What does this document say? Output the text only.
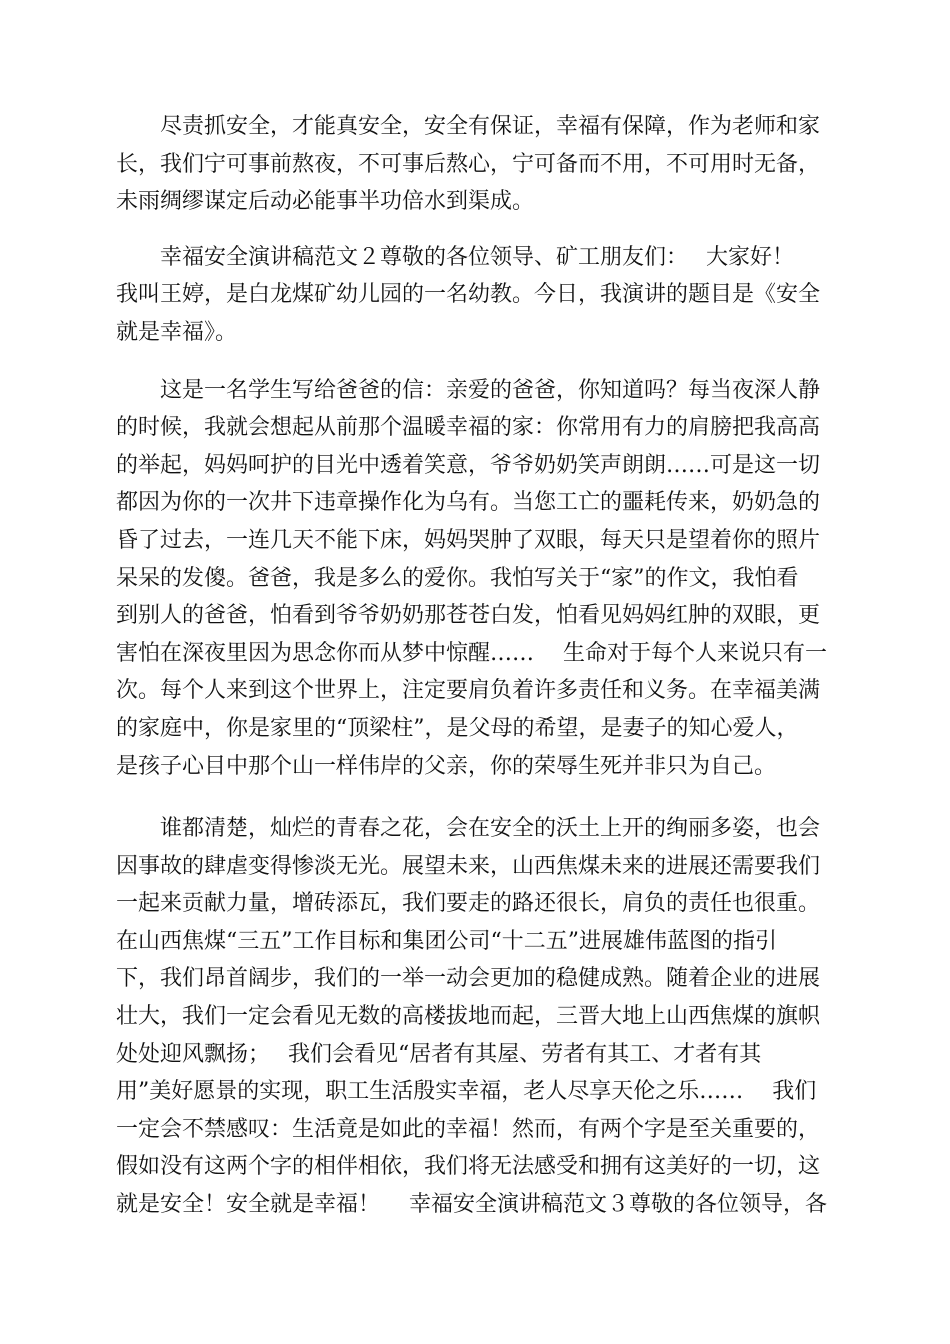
尽责抓安全，才能真安全，安全有保证，幸福有保障，作为老师和家
长，我们宁可事前熬夜，不可事后熬心，宁可备而不用，不可用时无备，
未雨绸缪谋定后动必能事半功倍水到渠成。

幸福安全演讲稿范文２尊敬的各位领导、矿工朋友们：　 大家好！
我叫王婷，是白龙煤矿幼儿园的一名幼教。今日，我演讲的题目是《安全
就是幸福》。

这是一名学生写给爸爸的信：亲爱的爸爸，你知道吗？每当夜深人静
的时候，我就会想起从前那个温暖幸福的家：你常用有力的肩膀把我高高
的举起，妈妈呵护的目光中透着笑意，爷爷奶奶笑声朗朗……可是这一切
都因为你的一次井下违章操作化为乌有。当您工亡的噩耗传来，奶奶急的
昏了过去，一连几天不能下床，妈妈哭肿了双眼，每天只是望着你的照片
呆呆的发傻。爸爸，我是多么的爱你。我怕写关于“家”的作文，我怕看
到别人的爸爸，怕看到爷爷奶奶那苍苍白发，怕看见妈妈红肿的双眼，更
害怕在深夜里因为思念你而从梦中惊醒……　 生命对于每个人来说只有一
次。每个人来到这个世界上，注定要肩负着许多责任和义务。在幸福美满
的家庭中，你是家里的“顶梁柱”，是父母的希望，是妻子的知心爱人，
是孩子心目中那个山一样伟岸的父亲，你的荣辱生死并非只为自己。

谁都清楚，灿烂的青春之花，会在安全的沃土上开的绚丽多姿，也会
因事故的肆虐变得惨淡无光。展望未来，山西焦煤未来的进展还需要我们
一起来贡献力量，增砖添瓦，我们要走的路还很长，肩负的责任也很重。
在山西焦煤“三五”工作目标和集团公司“十二五”进展雄伟蓝图的指引
下，我们昂首阔步，我们的一举一动会更加的稳健成熟。随着企业的进展
壮大，我们一定会看见无数的高楼拔地而起，三晋大地上山西焦煤的旗帜
处处迎风飘扬；　 我们会看见“居者有其屋、劳者有其工、才者有其
用”美好愿景的实现，职工生活殷实幸福，老人尽享天伦之乐……　 我们
一定会不禁感叹：生活竟是如此的幸福！然而，有两个字是至关重要的，
假如没有这两个字的相伴相依，我们将无法感受和拥有这美好的一切，这
就是安全！安全就是幸福！　 幸福安全演讲稿范文３尊敬的各位领导，各
